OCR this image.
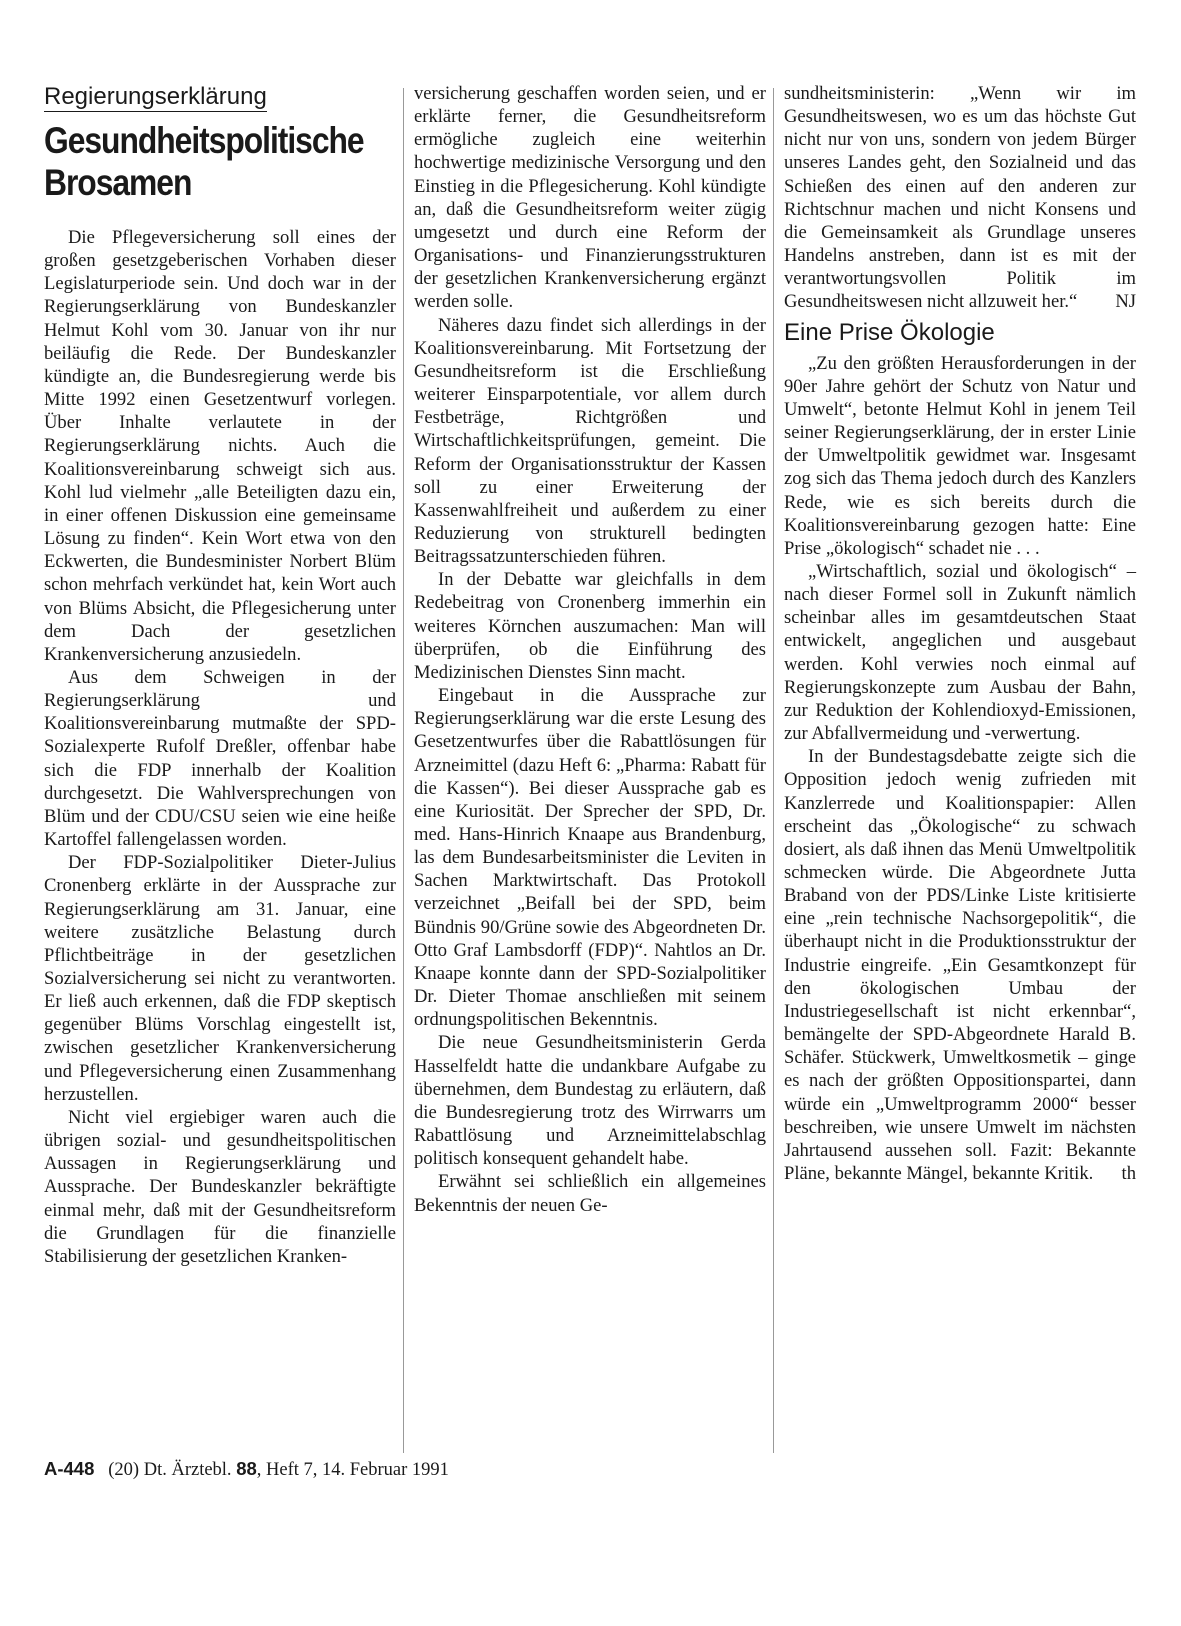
Regierungserklärung
Gesundheitspolitische Brosamen

Die Pflegeversicherung soll eines der großen gesetzgeberischen Vorhaben dieser Legislaturperiode sein. Und doch war in der Regierungserklärung von Bundeskanzler Helmut Kohl vom 30. Januar von ihr nur beiläufig die Rede. Der Bundeskanzler kündigte an, die Bundesregierung werde bis Mitte 1992 einen Gesetzentwurf vorlegen. Über Inhalte verlautete in der Regierungserklärung nichts. Auch die Koalitionsvereinbarung schweigt sich aus. Kohl lud vielmehr „alle Beteiligten dazu ein, in einer offenen Diskussion eine gemeinsame Lösung zu finden“. Kein Wort etwa von den Eckwerten, die Bundesminister Norbert Blüm schon mehrfach verkündet hat, kein Wort auch von Blüms Absicht, die Pflegesicherung unter dem Dach der gesetzlichen Krankenversicherung anzusiedeln.

Aus dem Schweigen in der Regierungserklärung und Koalitionsvereinbarung mutmaßte der SPD-Sozialexperte Rufolf Dreßler, offenbar habe sich die FDP innerhalb der Koalition durchgesetzt. Die Wahlversprechungen von Blüm und der CDU/CSU seien wie eine heiße Kartoffel fallengelassen worden.

Der FDP-Sozialpolitiker Dieter-Julius Cronenberg erklärte in der Aussprache zur Regierungserklärung am 31. Januar, eine weitere zusätzliche Belastung durch Pflichtbeiträge in der gesetzlichen Sozialversicherung sei nicht zu verantworten. Er ließ auch erkennen, daß die FDP skeptisch gegenüber Blüms Vorschlag eingestellt ist, zwischen gesetzlicher Krankenversicherung und Pflegeversicherung einen Zusammenhang herzustellen.

Nicht viel ergiebiger waren auch die übrigen sozial- und gesundheitspolitischen Aussagen in Regierungserklärung und Aussprache. Der Bundeskanzler bekräftigte einmal mehr, daß mit der Gesundheitsreform die Grundlagen für die finanzielle Stabilisierung der gesetzlichen Kranken-

versicherung geschaffen worden seien, und er erklärte ferner, die Gesundheitsreform ermögliche zugleich eine weiterhin hochwertige medizinische Versorgung und den Einstieg in die Pflegesicherung. Kohl kündigte an, daß die Gesundheitsreform weiter zügig umgesetzt und durch eine Reform der Organisations- und Finanzierungsstrukturen der gesetzlichen Krankenversicherung ergänzt werden solle.

Näheres dazu findet sich allerdings in der Koalitionsvereinbarung. Mit Fortsetzung der Gesundheitsreform ist die Erschließung weiterer Einsparpotentiale, vor allem durch Festbeträge, Richtgrößen und Wirtschaftlichkeitsprüfungen, gemeint. Die Reform der Organisationsstruktur der Kassen soll zu einer Erweiterung der Kassenwahlfreiheit und außerdem zu einer Reduzierung von strukturell bedingten Beitragssatzunterschieden führen.

In der Debatte war gleichfalls in dem Redebeitrag von Cronenberg immerhin ein weiteres Körnchen auszumachen: Man will überprüfen, ob die Einführung des Medizinischen Dienstes Sinn macht.

Eingebaut in die Aussprache zur Regierungserklärung war die erste Lesung des Gesetzentwurfes über die Rabattlösungen für Arzneimittel (dazu Heft 6: „Pharma: Rabatt für die Kassen“). Bei dieser Aussprache gab es eine Kuriosität. Der Sprecher der SPD, Dr. med. Hans-Hinrich Knaape aus Brandenburg, las dem Bundesarbeitsminister die Leviten in Sachen Marktwirtschaft. Das Protokoll verzeichnet „Beifall bei der SPD, beim Bündnis 90/Grüne sowie des Abgeordneten Dr. Otto Graf Lambsdorff (FDP)“. Nahtlos an Dr. Knaape konnte dann der SPD-Sozialpolitiker Dr. Dieter Thomae anschließen mit seinem ordnungspolitischen Bekenntnis.

Die neue Gesundheitsministerin Gerda Hasselfeldt hatte die undankbare Aufgabe zu übernehmen, dem Bundestag zu erläutern, daß die Bundesregierung trotz des Wirrwarrs um Rabattlösung und Arzneimittelabschlag politisch konsequent gehandelt habe.

Erwähnt sei schließlich ein allgemeines Bekenntnis der neuen Ge-

sundheitsministerin: „Wenn wir im Gesundheitswesen, wo es um das höchste Gut nicht nur von uns, sondern von jedem Bürger unseres Landes geht, den Sozialneid und das Schießen des einen auf den anderen zur Richtschnur machen und nicht Konsens und die Gemeinsamkeit als Grundlage unseres Handelns anstreben, dann ist es mit der verantwortungsvollen Politik im Gesundheitswesen nicht allzuweit her.“ NJ

Eine Prise Ökologie

„Zu den größten Herausforderungen in der 90er Jahre gehört der Schutz von Natur und Umwelt“, betonte Helmut Kohl in jenem Teil seiner Regierungserklärung, der in erster Linie der Umweltpolitik gewidmet war. Insgesamt zog sich das Thema jedoch durch des Kanzlers Rede, wie es sich bereits durch die Koalitionsvereinbarung gezogen hatte: Eine Prise „ökologisch“ schadet nie . . .

„Wirtschaftlich, sozial und ökologisch“ – nach dieser Formel soll in Zukunft nämlich scheinbar alles im gesamtdeutschen Staat entwickelt, angeglichen und ausgebaut werden. Kohl verwies noch einmal auf Regierungskonzepte zum Ausbau der Bahn, zur Reduktion der Kohlendioxyd-Emissionen, zur Abfallvermeidung und -verwertung.

In der Bundestagsdebatte zeigte sich die Opposition jedoch wenig zufrieden mit Kanzlerrede und Koalitionspapier: Allen erscheint das „Ökologische“ zu schwach dosiert, als daß ihnen das Menü Umweltpolitik schmecken würde. Die Abgeordnete Jutta Braband von der PDS/Linke Liste kritisierte eine „rein technische Nachsorgepolitik“, die überhaupt nicht in die Produktionsstruktur der Industrie eingreife. „Ein Gesamtkonzept für den ökologischen Umbau der Industriegesellschaft ist nicht erkennbar“, bemängelte der SPD-Abgeordnete Harald B. Schäfer. Stückwerk, Umweltkosmetik – ginge es nach der größten Oppositionspartei, dann würde ein „Umweltprogramm 2000“ besser beschreiben, wie unsere Umwelt im nächsten Jahrtausend aussehen soll. Fazit: Bekannte Pläne, bekannte Mängel, bekannte Kritik.	th

A-448 (20) Dt. Ärztebl. 88, Heft 7, 14. Februar 1991
